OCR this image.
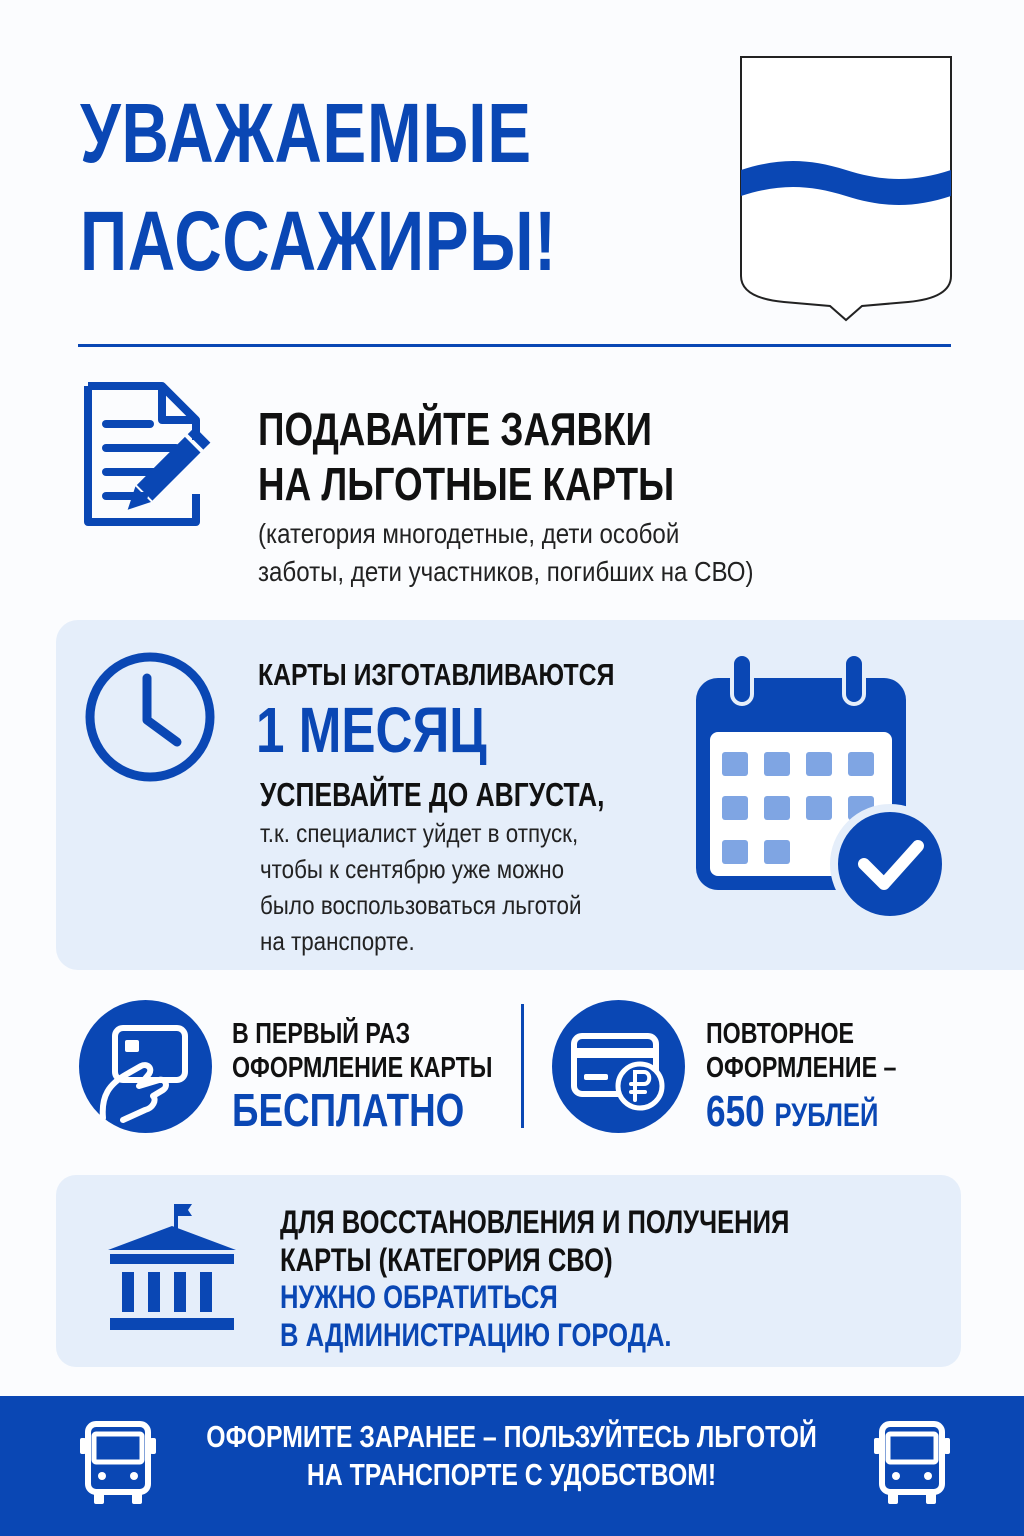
УВАЖАЕМЫЕ
ПАССАЖИРЫ!
ПОДАВАЙТЕ ЗАЯВКИ
НА ЛЬГОТНЫЕ КАРТЫ
(категория многодетные, дети особой
заботы, дети участников, погибших на СВО)
КАРТЫ ИЗГОТАВЛИВАЮТСЯ
1 МЕСЯЦ
УСПЕВАЙТЕ ДО АВГУСТА,
т.к. специалист уйдет в отпуск,
чтобы к сентябрю уже можно
было воспользоваться льготой
на транспорте.
В ПЕРВЫЙ РАЗ
ОФОРМЛЕНИЕ КАРТЫ
БЕСПЛАТНО
ПОВТОРНОЕ
ОФОРМЛЕНИЕ –
650 РУБЛЕЙ
ДЛЯ ВОССТАНОВЛЕНИЯ И ПОЛУЧЕНИЯ
КАРТЫ (КАТЕГОРИЯ СВО)
НУЖНО ОБРАТИТЬСЯ
В АДМИНИСТРАЦИЮ ГОРОДА.
ОФОРМИТЕ ЗАРАНЕЕ – ПОЛЬЗУЙТЕСЬ ЛЬГОТОЙ
НА ТРАНСПОРТЕ С УДОБСТВОМ!
